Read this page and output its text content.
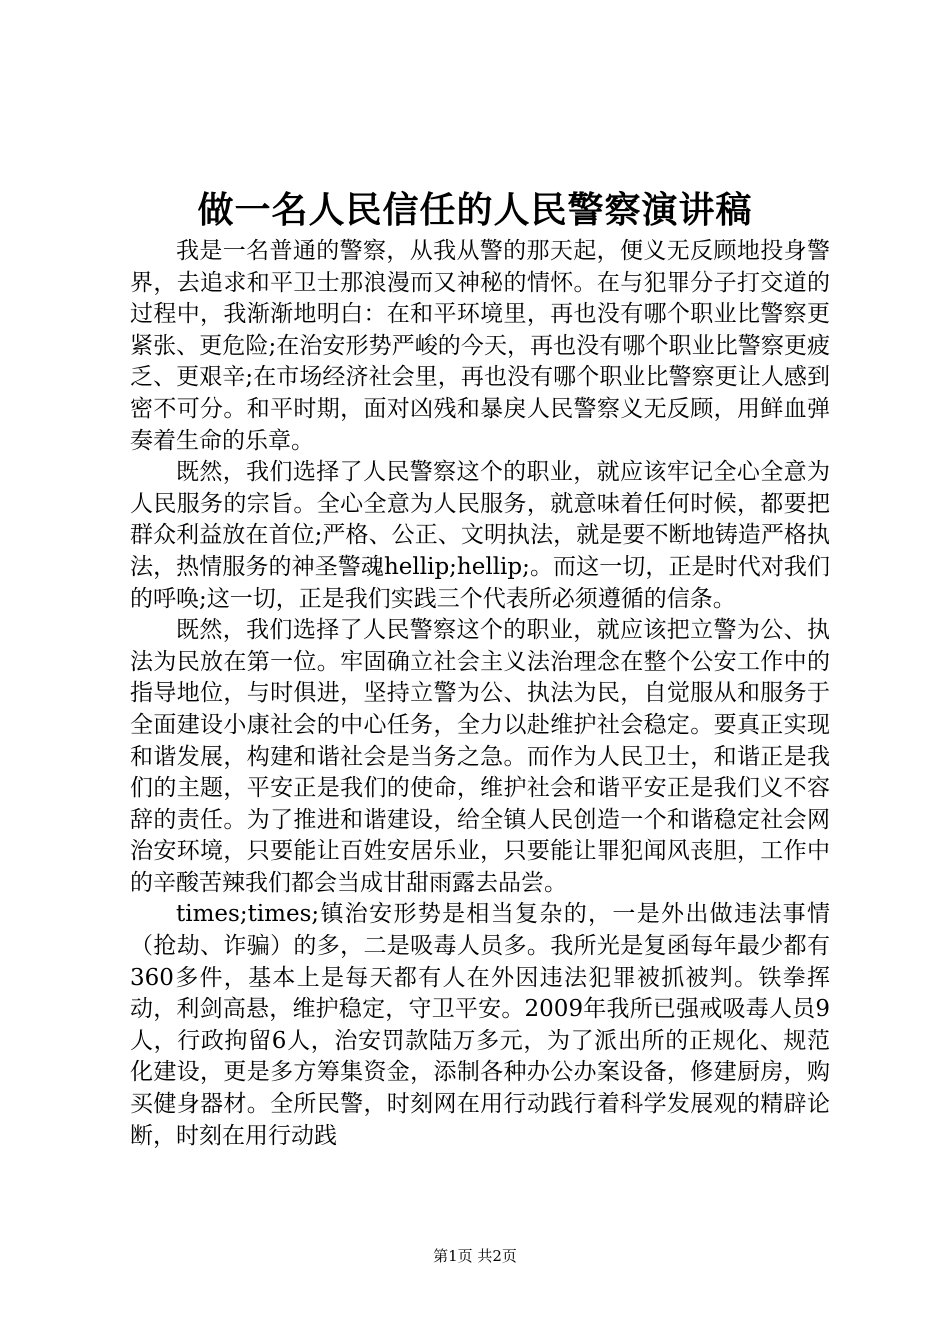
做一名人民信任的人民警察演讲稿

我是一名普通的警察，从我从警的那天起，便义无反顾地投身警界，去追求和平卫士那浪漫而又神秘的情怀。在与犯罪分子打交道的过程中，我渐渐地明白：在和平环境里，再也没有哪个职业比警察更紧张、更危险;在治安形势严峻的今天，再也没有哪个职业比警察更疲乏、更艰辛;在市场经济社会里，再也没有哪个职业比警察更让人感到密不可分。和平时期，面对凶残和暴戾人民警察义无反顾，用鲜血弹奏着生命的乐章。

既然，我们选择了人民警察这个的职业，就应该牢记全心全意为人民服务的宗旨。全心全意为人民服务，就意味着任何时候，都要把群众利益放在首位;严格、公正、文明执法，就是要不断地铸造严格执法，热情服务的神圣警魂hellip;hellip;。而这一切，正是时代对我们的呼唤;这一切，正是我们实践三个代表所必须遵循的信条。

既然，我们选择了人民警察这个的职业，就应该把立警为公、执法为民放在第一位。牢固确立社会主义法治理念在整个公安工作中的指导地位，与时俱进，坚持立警为公、执法为民，自觉服从和服务于全面建设小康社会的中心任务，全力以赴维护社会稳定。要真正实现和谐发展，构建和谐社会是当务之急。而作为人民卫士，和谐正是我们的主题，平安正是我们的使命，维护社会和谐平安正是我们义不容辞的责任。为了推进和谐建设，给全镇人民创造一个和谐稳定社会网治安环境，只要能让百姓安居乐业，只要能让罪犯闻风丧胆，工作中的辛酸苦辣我们都会当成甘甜雨露去品尝。

times;times;镇治安形势是相当复杂的，一是外出做违法事情（抢劫、诈骗）的多，二是吸毒人员多。我所光是复函每年最少都有360多件，基本上是每天都有人在外因违法犯罪被抓被判。铁拳挥动，利剑高悬，维护稳定，守卫平安。2009年我所已强戒吸毒人员9人，行政拘留6人，治安罚款陆万多元，为了派出所的正规化、规范化建设，更是多方筹集资金，添制各种办公办案设备，修建厨房，购买健身器材。全所民警，时刻网在用行动践行着科学发展观的精辟论断，时刻在用行动践

第1页 共2页
